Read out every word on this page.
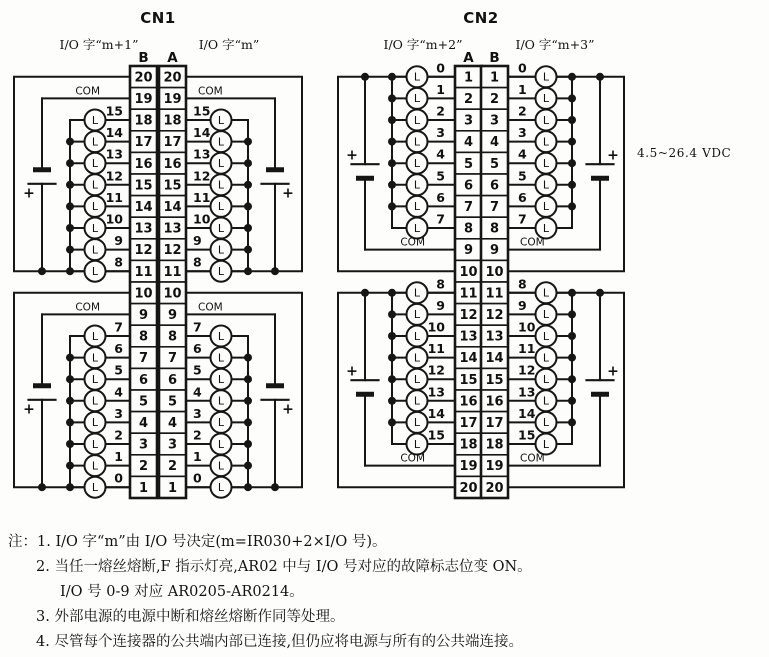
+
L
15
L
14
L
13
L
12
L
11
L
10
L
9
L
8
COM
+
L
15
L
14
L
13
L
12
L
11
L
10
L
9
L
8
COM
+
L
7
L
6
L
5
L
4
L
3
L
2
L
1
L
0
COM
+
L
7
L
6
L
5
L
4
L
3
L
2
L
1
L
0
COM
20 20
19 19
18 18
17 17
16 16
15 15
14 14
13 13
12 12
11 11
10 10
9 9
8 8
7 7
6 6
5 5
4 4
3 3
2 2
1 1
B A
+
L
0
L
1
L
2
L
3
L
4
L
5
L
6
L
7
COM
+
L
0
L
1
L
2
L
3
L
4
L
5
L
6
L
7
COM
+
L
8
L
9
L
10
L
11
L
12
L
13
L
14
L
15
COM
+
L
8
L
9
L
10
L
11
L
12
L
13
L
14
L
15
COM
1 1
2 2
3 3
4 4
5 5
6 6
7 7
8 8
9 9
10 10
11 11
12 12
13 13
14 14
15 15
16 16
17 17
18 18
19 19
20 20
A B
CN1	CN2
I/O 字“m+1”	I/O 字“m”	I/O 字“m+2”	I/O 字“m+3”
4.5~26.4 VDC
注：1. I/O 字“m”由 I/O 号决定(m=IR030+2×I/O 号)。
2. 当任一熔丝熔断,F 指示灯亮,AR02 中与 I/O 号对应的故障标志位变 ON。
I/O 号 0-9 对应 AR0205-AR0214。
3. 外部电源的电源中断和熔丝熔断作同等处理。
4. 尽管每个连接器的公共端内部已连接,但仍应将电源与所有的公共端连接。
